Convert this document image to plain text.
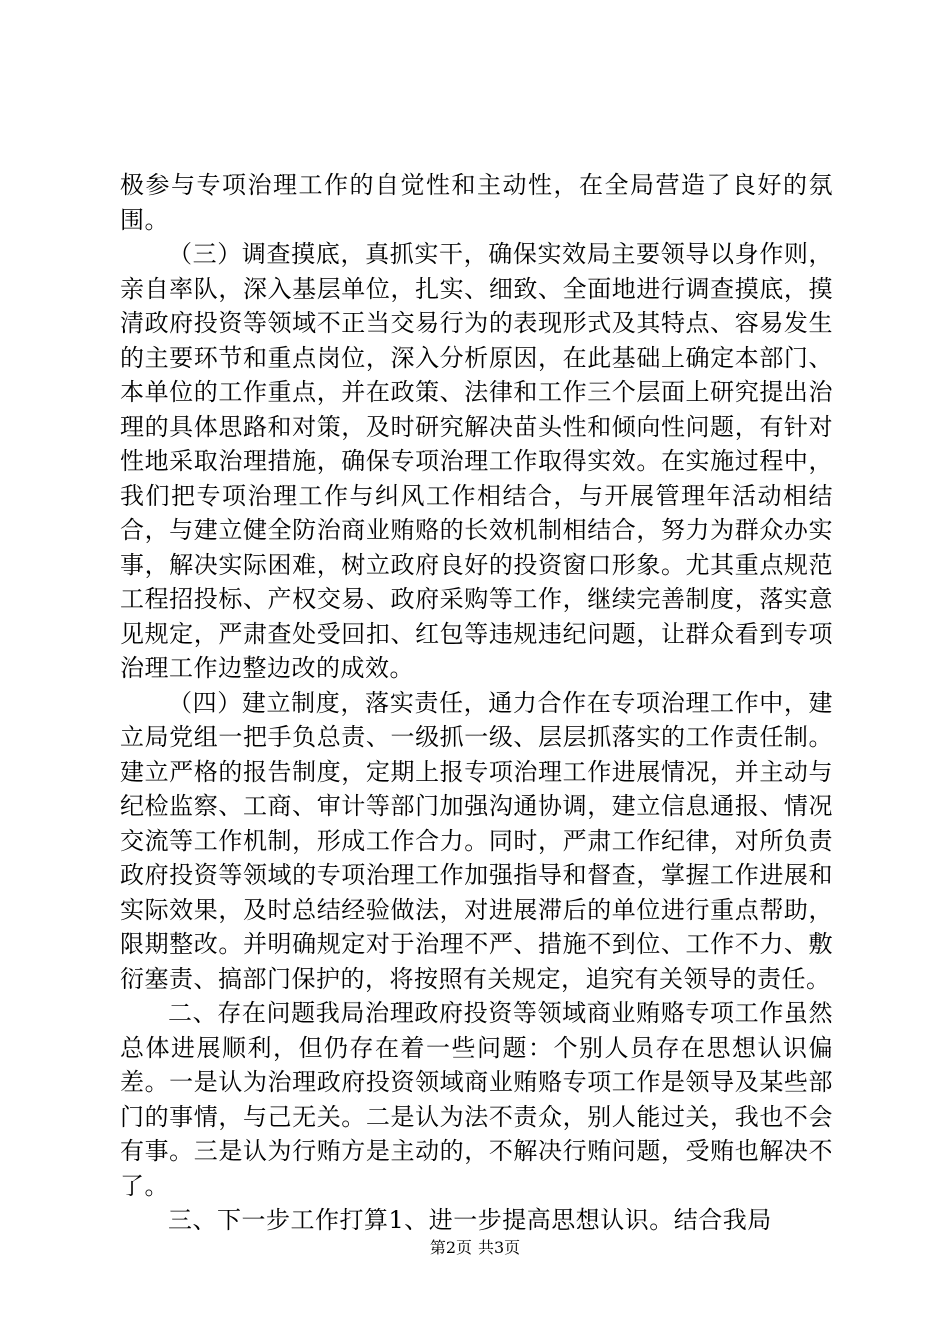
极参与专项治理工作的自觉性和主动性，在全局营造了良好的氛围。

（三）调查摸底，真抓实干，确保实效局主要领导以身作则，亲自率队，深入基层单位，扎实、细致、全面地进行调查摸底，摸清政府投资等领域不正当交易行为的表现形式及其特点、容易发生的主要环节和重点岗位，深入分析原因，在此基础上确定本部门、本单位的工作重点，并在政策、法律和工作三个层面上研究提出治理的具体思路和对策，及时研究解决苗头性和倾向性问题，有针对性地采取治理措施，确保专项治理工作取得实效。在实施过程中，我们把专项治理工作与纠风工作相结合，与开展管理年活动相结合，与建立健全防治商业贿赂的长效机制相结合，努力为群众办实事，解决实际困难，树立政府良好的投资窗口形象。尤其重点规范工程招投标、产权交易、政府采购等工作，继续完善制度，落实意见规定，严肃查处受回扣、红包等违规违纪问题，让群众看到专项治理工作边整边改的成效。

（四）建立制度，落实责任，通力合作在专项治理工作中，建立局党组一把手负总责、一级抓一级、层层抓落实的工作责任制。建立严格的报告制度，定期上报专项治理工作进展情况，并主动与纪检监察、工商、审计等部门加强沟通协调，建立信息通报、情况交流等工作机制，形成工作合力。同时，严肃工作纪律，对所负责政府投资等领域的专项治理工作加强指导和督查，掌握工作进展和实际效果，及时总结经验做法，对进展滞后的单位进行重点帮助，限期整改。并明确规定对于治理不严、措施不到位、工作不力、敷衍塞责、搞部门保护的，将按照有关规定，追究有关领导的责任。

二、存在问题我局治理政府投资等领域商业贿赂专项工作虽然总体进展顺利，但仍存在着一些问题：个别人员存在思想认识偏差。一是认为治理政府投资领域商业贿赂专项工作是领导及某些部门的事情，与己无关。二是认为法不责众，别人能过关，我也不会有事。三是认为行贿方是主动的，不解决行贿问题，受贿也解决不了。

三、下一步工作打算1、进一步提高思想认识。结合我局

第2页 共3页
